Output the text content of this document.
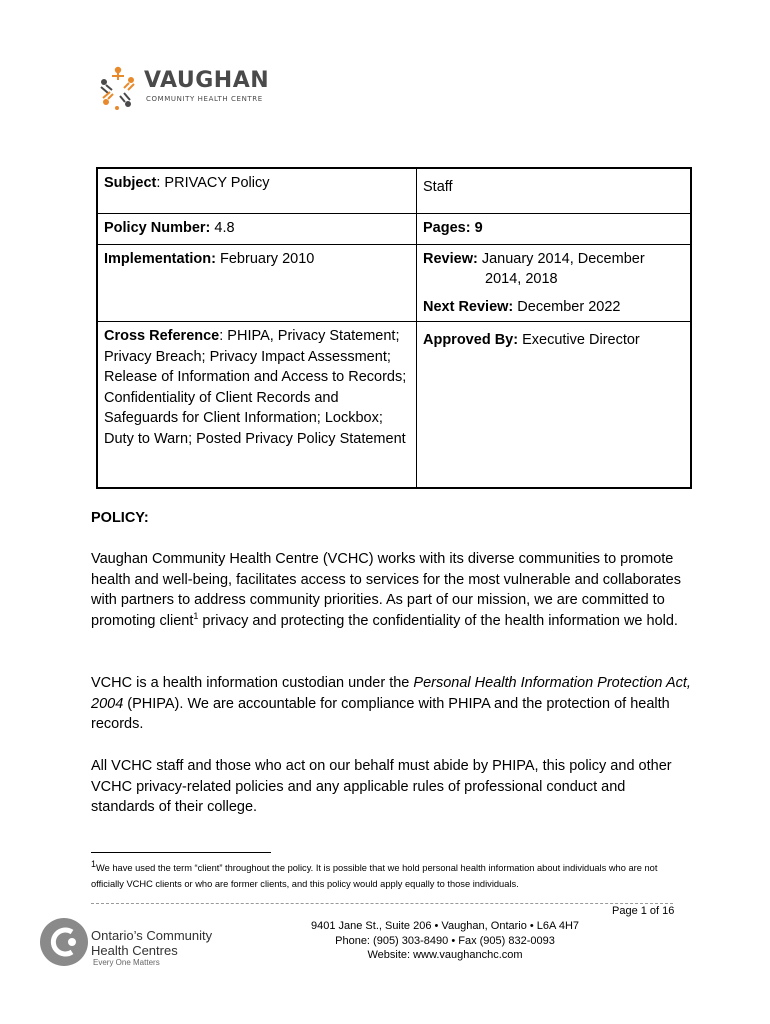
VAUGHAN
COMMUNITY HEALTH CENTRE
Subject: PRIVACY Policy	Staff
Policy Number: 4.8	Pages: 9
Implementation: February 2010	Review: January 2014, December
2014, 2018
Next Review: December 2022

Cross Reference: PHIPA, Privacy Statement; Privacy Breach; Privacy Impact Assessment; Release of Information and Access to Records; Confidentiality of Client Records and Safeguards for Client Information; Lockbox; Duty to Warn; Posted Privacy Policy Statement	Approved By: Executive Director
POLICY:

Vaughan Community Health Centre (VCHC) works with its diverse communities to promote health and well-being, facilitates access to services for the most vulnerable and collaborates with partners to address community priorities. As part of our mission, we are committed to promoting client$^1$ privacy and protecting the confidentiality of the health information we hold.

VCHC is a health information custodian under the Personal Health Information Protection Act, 2004 (PHIPA). We are accountable for compliance with PHIPA and the protection of health records.

All VCHC staff and those who act on our behalf must abide by PHIPA, this policy and other VCHC privacy-related policies and any applicable rules of professional conduct and standards of their college.

$^1$We have used the term “client” throughout the policy. It is possible that we hold personal health information about individuals who are not officially VCHC clients or who are former clients, and this policy would apply equally to those individuals.

Page 1 of 16
Ontario’s Community
Health Centres
Every One Matters
9401 Jane St., Suite 206 • Vaughan, Ontario • L6A 4H7
Phone: (905) 303-8490 • Fax (905) 832-0093
Website: www.vaughanchc.com
